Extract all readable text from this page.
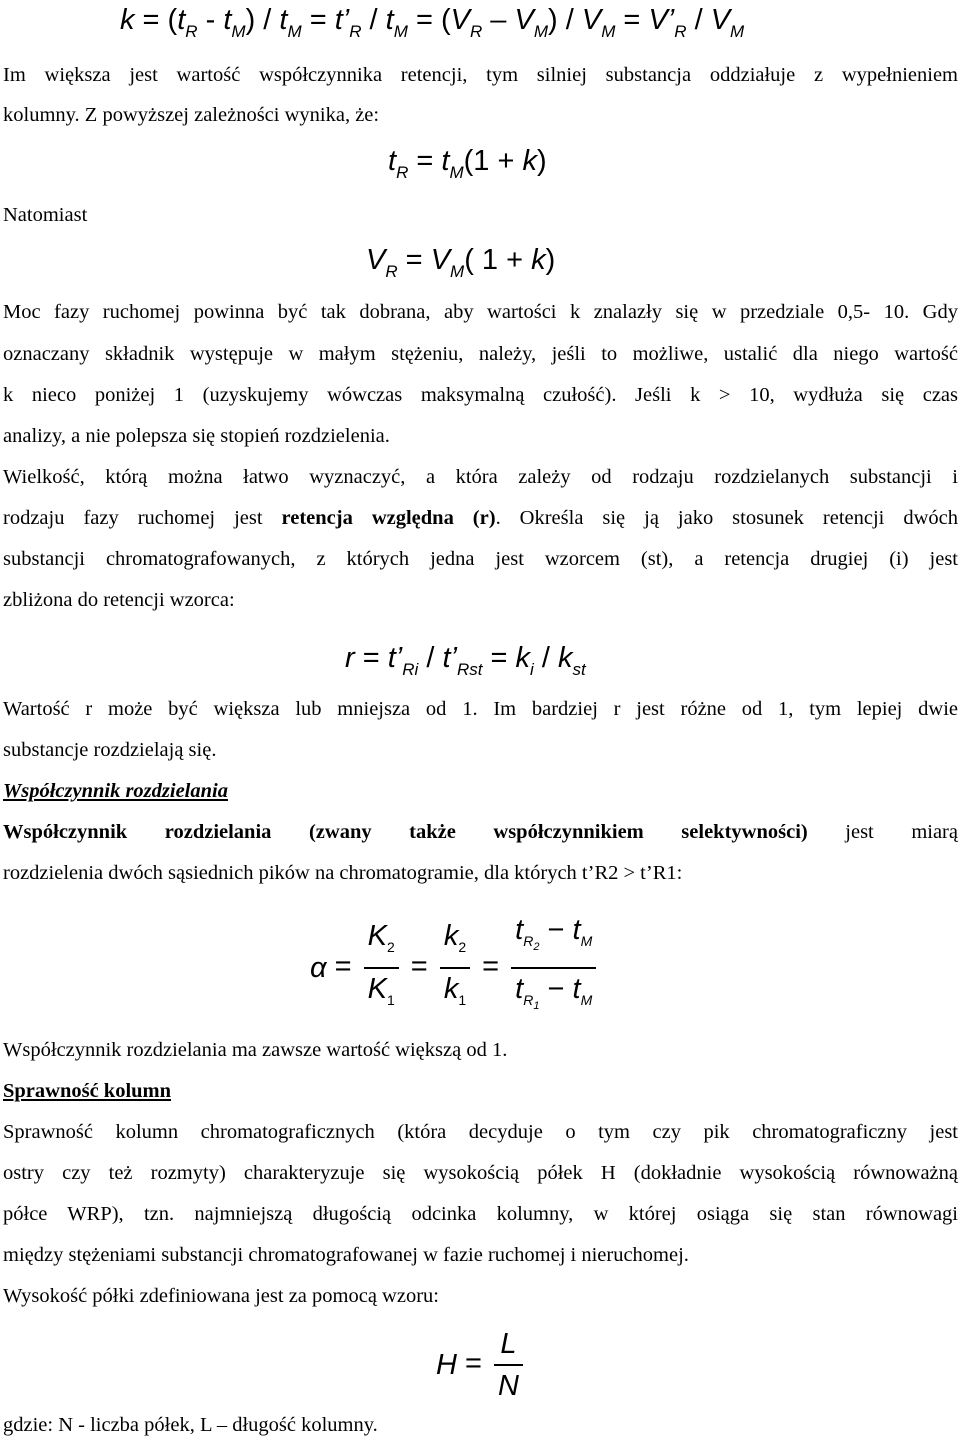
$k = (t_R - t_M) / t_M$ = $t’_R / t_M = (V_R - V_M) / V_M$ = $V’_R / V_M$
Im większa jest wartość współczynnika retencji, tym silniej substancja oddziałuje z wypełnieniem
kolumny. Z powyższej zależności wynika, że:
$t_R = t_M(1 + k)$
Natomiast
$V_R = V_M$( 1 + k)
Moc fazy ruchomej powinna być tak dobrana, aby wartości k znalazły się w przedziale 0,5- 10. Gdy
oznaczany składnik występuje w małym stężeniu, należy, jeśli to możliwe, ustalić dla niego wartość
k nieco poniżej 1 (uzyskujemy wówczas maksymalną czułość). Jeśli k > 10, wydłuża się czas
analizy, a nie polepsza się stopień rozdzielenia.
Wielkość, którą można łatwo wyznaczyć, a która zależy od rodzaju rozdzielanych substancji i
rodzaju fazy ruchomej jest retencja względna (r). Określa się ją jako stosunek retencji dwóch
substancji chromatografowanych, z których jedna jest wzorcem (st), a retencja drugiej (i) jest
zbliżona do retencji wzorca:
$r = t’_{Ri}$ / $t’_{Rst} = k_i / k_{st}$
Wartość r może być większa lub mniejsza od 1. Im bardziej r jest różne od 1, tym lepiej dwie
substancje rozdzielają się.
Współczynnik rozdzielania
Współczynnik rozdzielania (zwany także współczynnikiem selektywności) jest miarą
rozdzielenia dwóch sąsiednich pików na chromatogramie, dla których t’R2 > t’R1:
$\alpha = \frac{K_2}{K_1} = \frac{k_2}{k_1} = \frac{t_{R_2} - t_M}{t_{R_1} - t_M}$
Współczynnik rozdzielania ma zawsze wartość większą od 1.
Sprawność kolumn
Sprawność kolumn chromatograficznych (która decyduje o tym czy pik chromatograficzny jest
ostry czy też rozmyty) charakteryzuje się wysokością półek H (dokładnie wysokością równoważną
półce WRP), tzn. najmniejszą długością odcinka kolumny, w której osiąga się stan równowagi
między stężeniami substancji chromatografowanej w fazie ruchomej i nieruchomej.
Wysokość półki zdefiniowana jest za pomocą wzoru:
$H = \frac{L}{N}$
gdzie: N - liczba półek, L – długość kolumny.
